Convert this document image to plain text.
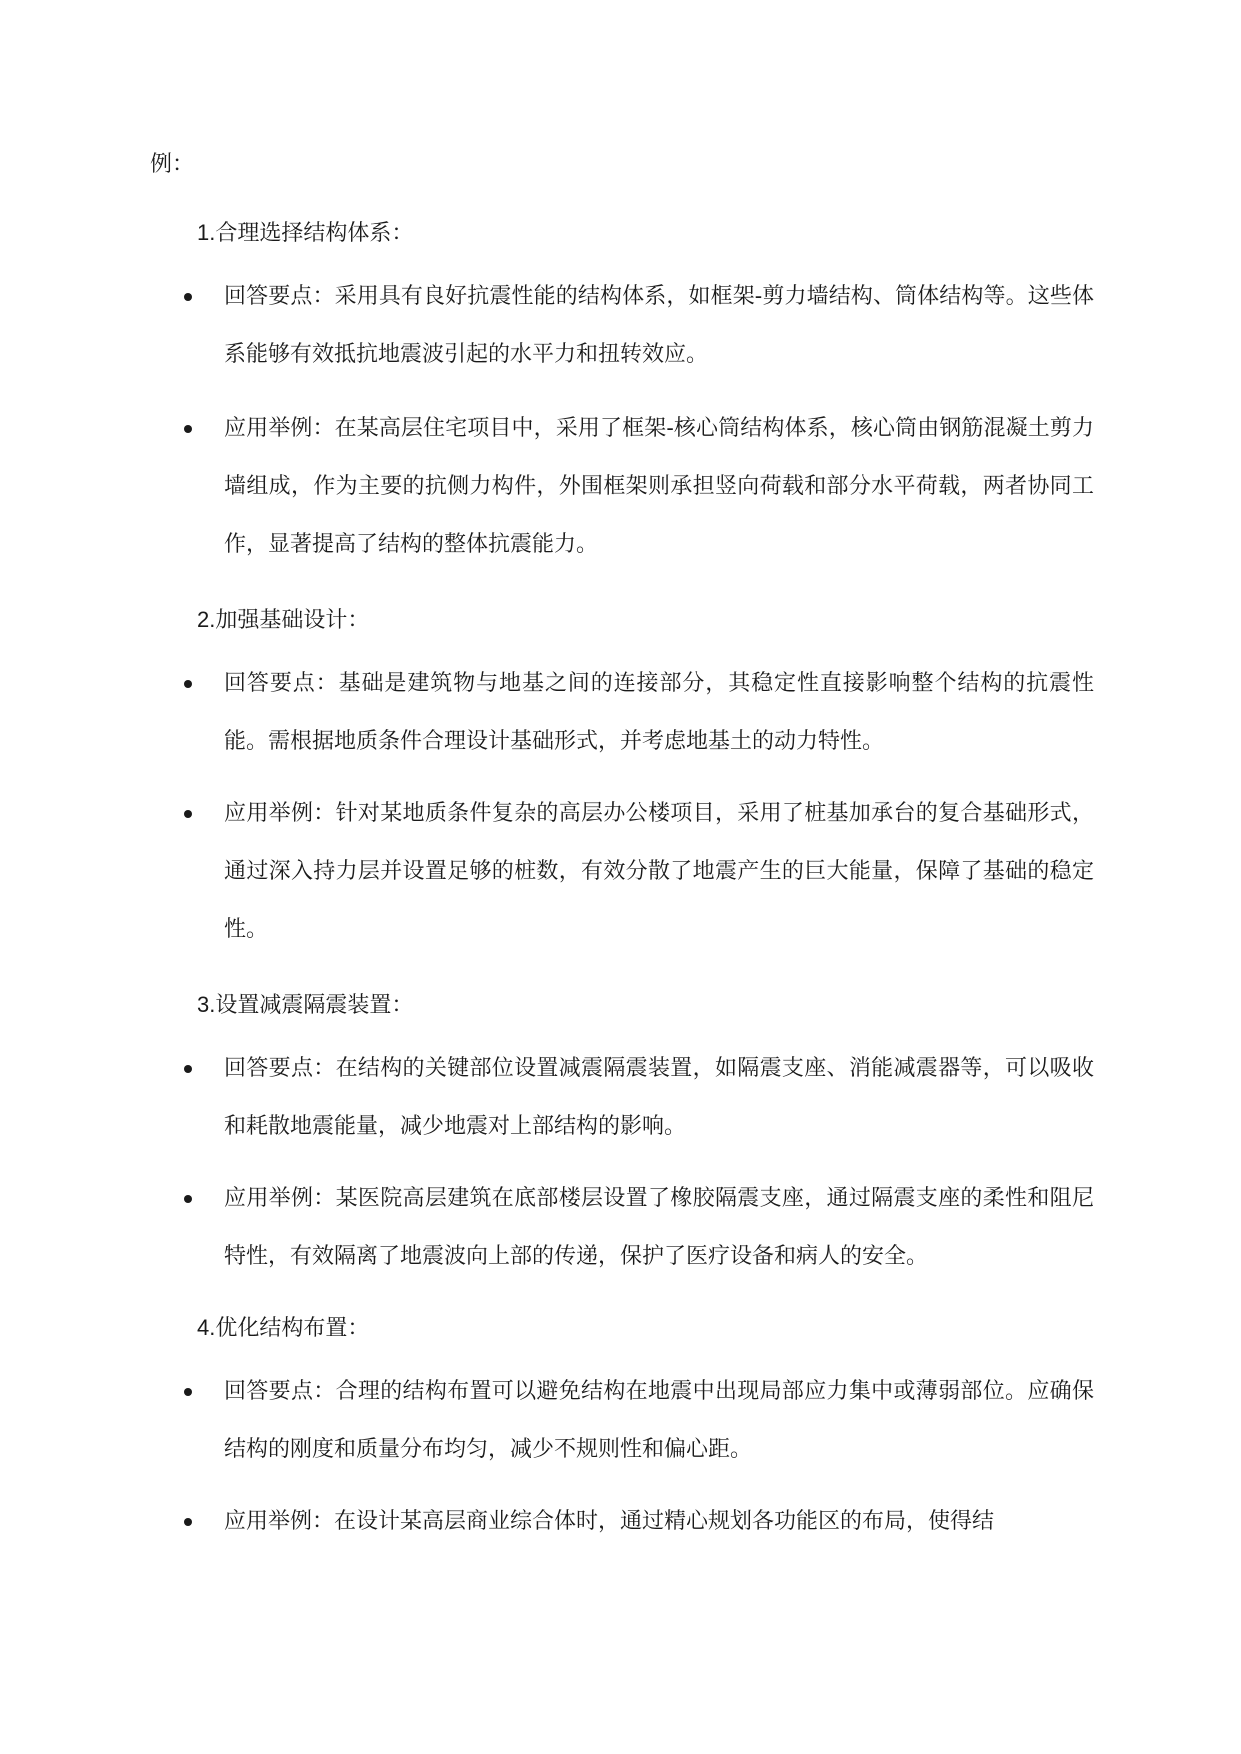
例：
1.合理选择结构体系：
回答要点：采用具有良好抗震性能的结构体系，如框架-剪力墙结构、筒体结构等。这些体系能够有效抵抗地震波引起的水平力和扭转效应。
应用举例：在某高层住宅项目中，采用了框架-核心筒结构体系，核心筒由钢筋混凝土剪力墙组成，作为主要的抗侧力构件，外围框架则承担竖向荷载和部分水平荷载，两者协同工作，显著提高了结构的整体抗震能力。
2.加强基础设计：
回答要点：基础是建筑物与地基之间的连接部分，其稳定性直接影响整个结构的抗震性能。需根据地质条件合理设计基础形式，并考虑地基土的动力特性。
应用举例：针对某地质条件复杂的高层办公楼项目，采用了桩基加承台的复合基础形式，通过深入持力层并设置足够的桩数，有效分散了地震产生的巨大能量，保障了基础的稳定性。
3.设置减震隔震装置：
回答要点：在结构的关键部位设置减震隔震装置，如隔震支座、消能减震器等，可以吸收和耗散地震能量，减少地震对上部结构的影响。
应用举例：某医院高层建筑在底部楼层设置了橡胶隔震支座，通过隔震支座的柔性和阻尼特性，有效隔离了地震波向上部的传递，保护了医疗设备和病人的安全。
4.优化结构布置：
回答要点：合理的结构布置可以避免结构在地震中出现局部应力集中或薄弱部位。应确保结构的刚度和质量分布均匀，减少不规则性和偏心距。
应用举例：在设计某高层商业综合体时，通过精心规划各功能区的布局，使得结
